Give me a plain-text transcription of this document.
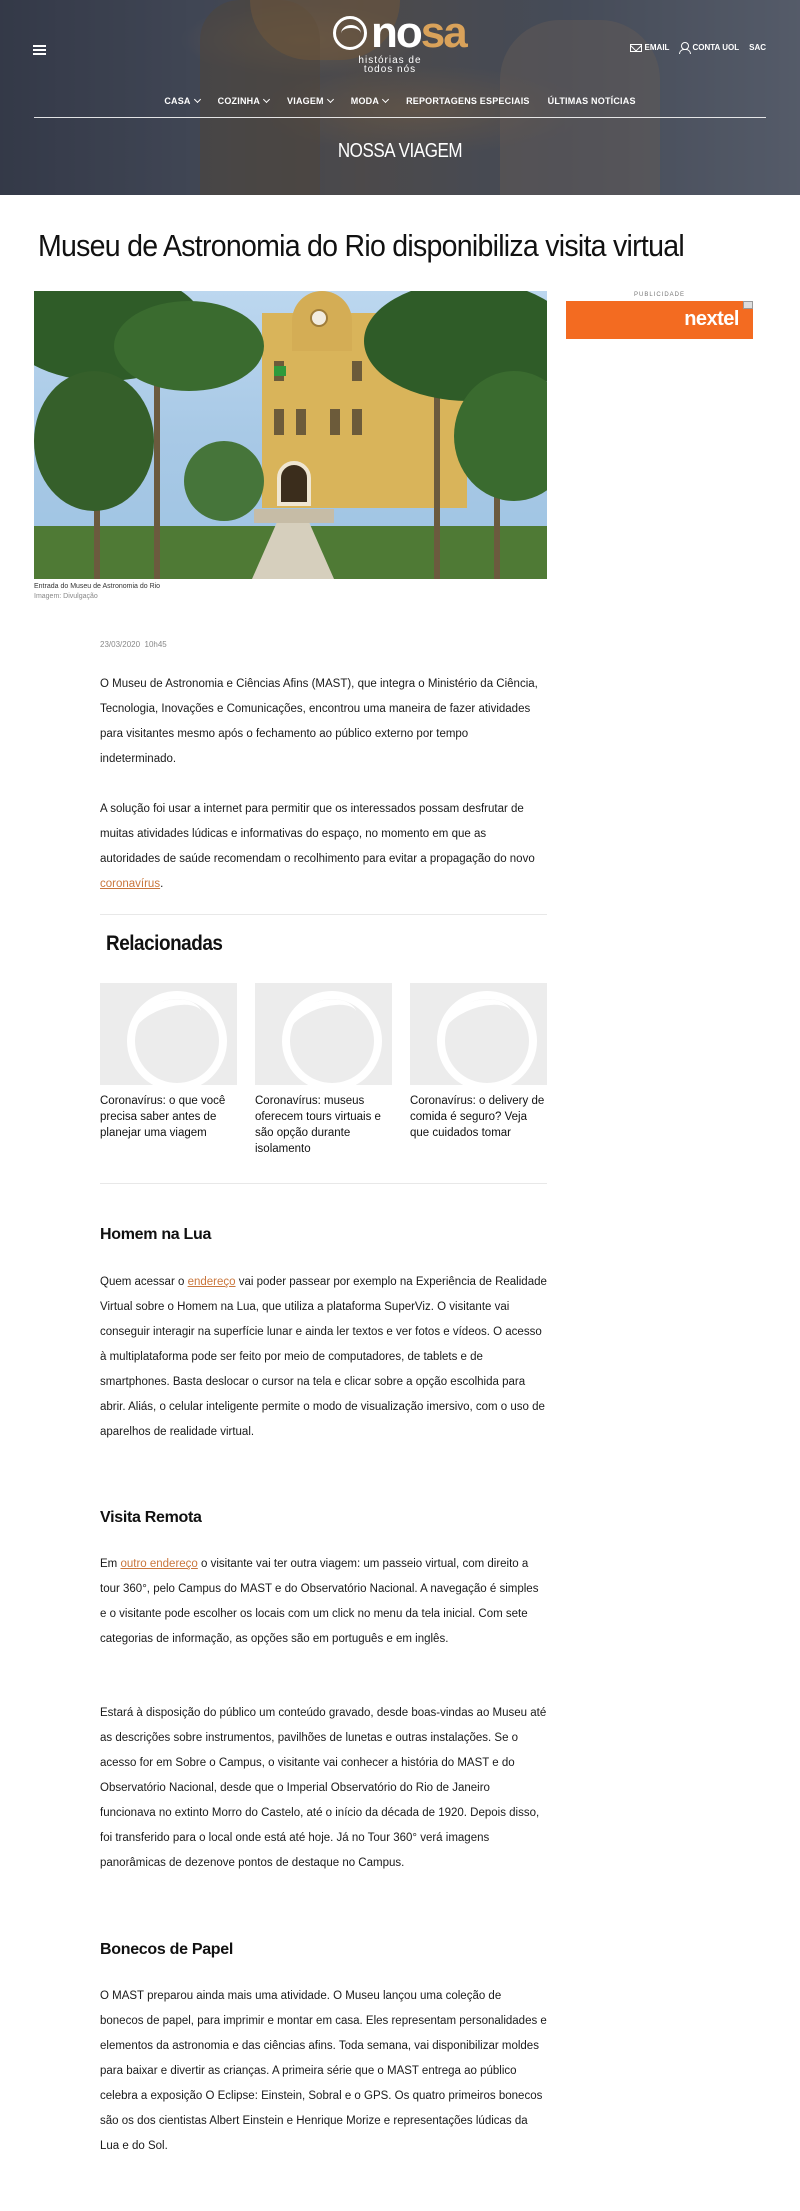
nosa
histórias de
todos nós
EMAIL	CONTA UOL SAC
CASA	COZINHA	VIAGEM	MODA	REPORTAGENS ESPECIAIS ÚLTIMAS NOTÍCIAS
NOSSA VIAGEM
Museu de Astronomia do Rio disponibiliza visita virtual
Entrada do Museu de Astronomia do Rio
Imagem: Divulgação
PUBLICIDADE
nextel
23/03/2020 10h45

O Museu de Astronomia e Ciências Afins (MAST), que integra o Ministério da Ciência, Tecnologia, Inovações e Comunicações, encontrou uma maneira de fazer atividades para visitantes mesmo após o fechamento ao público externo por tempo indeterminado.

A solução foi usar a internet para permitir que os interessados possam desfrutar de muitas atividades lúdicas e informativas do espaço, no momento em que as autoridades de saúde recomendam o recolhimento para evitar a propagação do novo coronavírus.

Relacionadas
Coronavírus: o que você precisa saber antes de planejar uma viagem
Coronavírus: museus oferecem tours virtuais e são opção durante isolamento
Coronavírus: o delivery de comida é seguro? Veja que cuidados tomar
Homem na Lua

Quem acessar o endereço vai poder passear por exemplo na Experiência de Realidade Virtual sobre o Homem na Lua, que utiliza a plataforma SuperViz. O visitante vai conseguir interagir na superfície lunar e ainda ler textos e ver fotos e vídeos. O acesso à multiplataforma pode ser feito por meio de computadores, de tablets e de smartphones. Basta deslocar o cursor na tela e clicar sobre a opção escolhida para abrir. Aliás, o celular inteligente permite o modo de visualização imersivo, com o uso de aparelhos de realidade virtual.

Visita Remota

Em outro endereço o visitante vai ter outra viagem: um passeio virtual, com direito a tour 360°, pelo Campus do MAST e do Observatório Nacional. A navegação é simples e o visitante pode escolher os locais com um click no menu da tela inicial. Com sete categorias de informação, as opções são em português e em inglês.

Estará à disposição do público um conteúdo gravado, desde boas-vindas ao Museu até as descrições sobre instrumentos, pavilhões de lunetas e outras instalações. Se o acesso for em Sobre o Campus, o visitante vai conhecer a história do MAST e do Observatório Nacional, desde que o Imperial Observatório do Rio de Janeiro funcionava no extinto Morro do Castelo, até o início da década de 1920. Depois disso, foi transferido para o local onde está até hoje. Já no Tour 360° verá imagens panorâmicas de dezenove pontos de destaque no Campus.

Bonecos de Papel

O MAST preparou ainda mais uma atividade. O Museu lançou uma coleção de bonecos de papel, para imprimir e montar em casa. Eles representam personalidades e elementos da astronomia e das ciências afins. Toda semana, vai disponibilizar moldes para baixar e divertir as crianças. A primeira série que o MAST entrega ao público celebra a exposição O Eclipse: Einstein, Sobral e o GPS. Os quatro primeiros bonecos são os dos cientistas Albert Einstein e Henrique Morize e representações lúdicas da Lua e do Sol.
